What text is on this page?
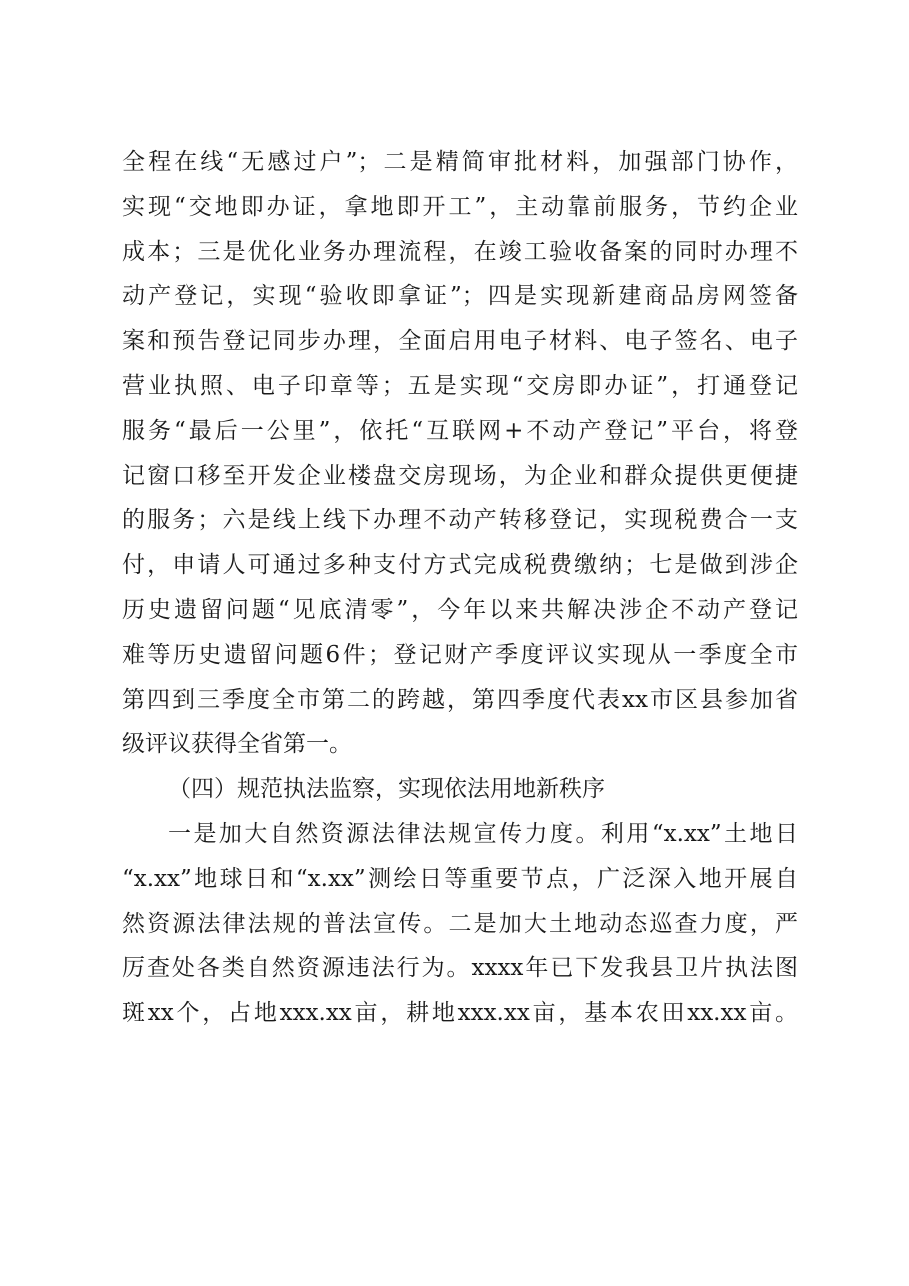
全程在线“无感过户”；二是精简审批材料，加强部门协作，
实现“交地即办证，拿地即开工”，主动靠前服务，节约企业
成本；三是优化业务办理流程，在竣工验收备案的同时办理不
动产登记，实现“验收即拿证”；四是实现新建商品房网签备
案和预告登记同步办理，全面启用电子材料、电子签名、电子
营业执照、电子印章等；五是实现“交房即办证”，打通登记
服务“最后一公里”，依托“互联网+不动产登记”平台，将登
记窗口移至开发企业楼盘交房现场，为企业和群众提供更便捷
的服务；六是线上线下办理不动产转移登记，实现税费合一支
付，申请人可通过多种支付方式完成税费缴纳；七是做到涉企
历史遗留问题“见底清零”，今年以来共解决涉企不动产登记
难等历史遗留问题6件；登记财产季度评议实现从一季度全市
第四到三季度全市第二的跨越，第四季度代表xx市区县参加省
级评议获得全省第一。
（四）规范执法监察，实现依法用地新秩序
一是加大自然资源法律法规宣传力度。利用“x.xx”土地日
“x.xx”地球日和“x.xx”测绘日等重要节点，广泛深入地开展自
然资源法律法规的普法宣传。二是加大土地动态巡查力度，严
厉查处各类自然资源违法行为。xxxx年已下发我县卫片执法图
斑xx个，占地xxx.xx亩，耕地xxx.xx亩，基本农田xx.xx亩。
